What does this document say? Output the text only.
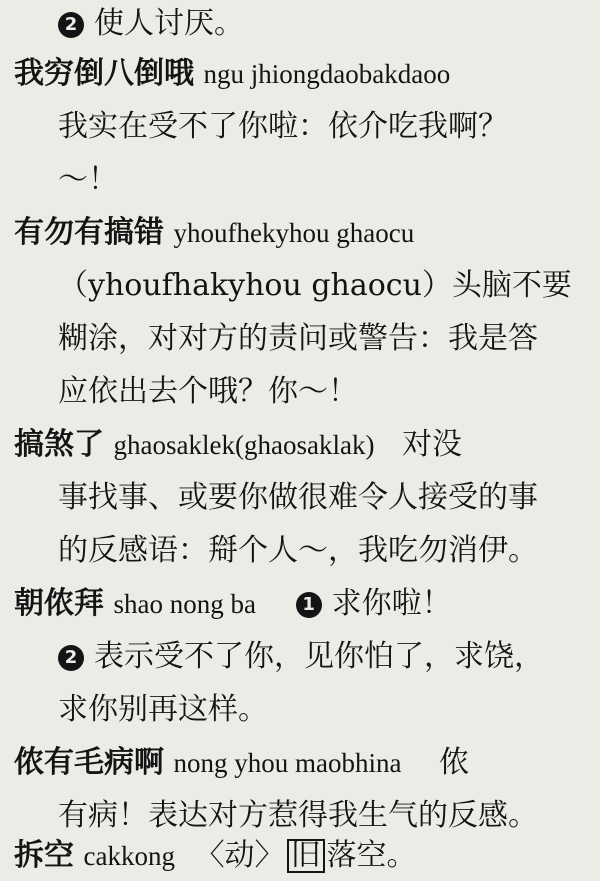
2 使人讨厌。
我穷倒八倒哦 ngu jhiongdaobakdaoo
我实在受不了你啦：依介吃我啊？
～！
有勿有搞错 yhoufhekyhou ghaocu
（yhoufhakyhou ghaocu）头脑不要
糊涂，对对方的责问或警告：我是答
应依出去个哦？你～！
搞煞了 ghaosaklek(ghaosaklak) 对没
事找事、或要你做很难令人接受的事
的反感语：搿个人～，我吃勿消伊。
朝侬拜 shao nong ba	1 求你啦！
2 表示受不了你，见你怕了，求饶，
求你别再这样。
侬有毛病啊 nong yhou maobhina 侬
有病！表达对方惹得我生气的反感。
拆空 cakkong 〈动〉 旧 落空。
